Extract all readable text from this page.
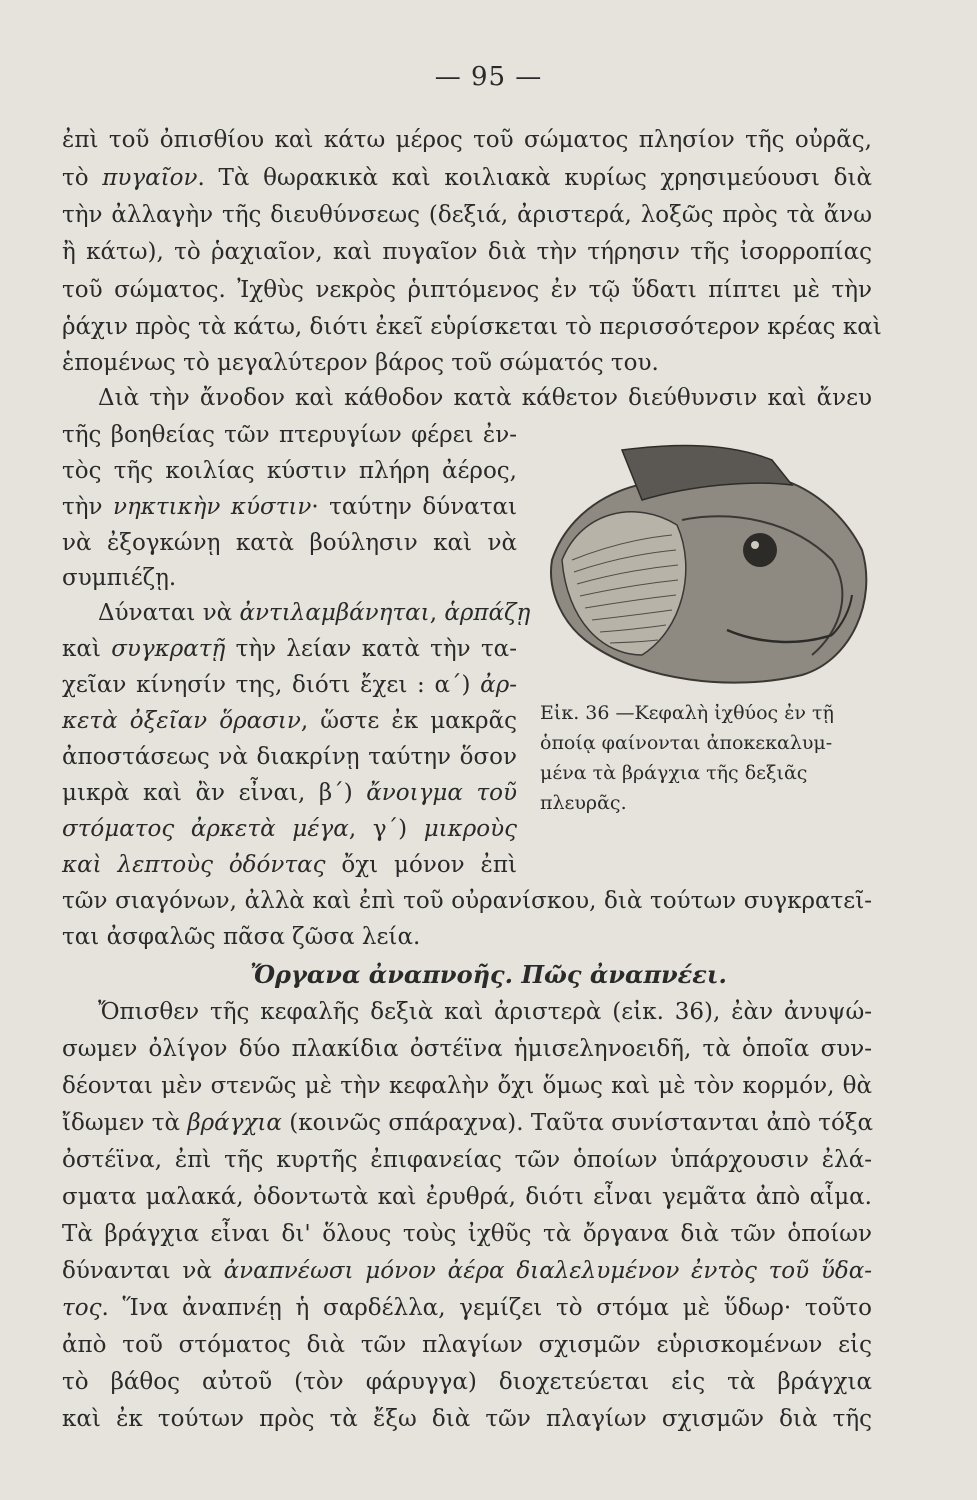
— 95 —
ἐπὶ τοῦ ὀπισθίου καὶ κάτω μέρος τοῦ σώματος πλησίον τῆς οὐρᾶς,
τὸ πυγαῖον. Τὰ θωρακικὰ καὶ κοιλιακὰ κυρίως χρησιμεύουσι διὰ
τὴν ἀλλαγὴν τῆς διευθύνσεως (δεξιά, ἀριστερά, λοξῶς πρὸς τὰ ἄνω
ἢ κάτω), τὸ ῥαχιαῖον, καὶ πυγαῖον διὰ τὴν τήρησιν τῆς ἰσορροπίας
τοῦ σώματος. Ἰχθὺς νεκρὸς ῥιπτόμενος ἐν τῷ ὕδατι πίπτει μὲ τὴν
ῥάχιν πρὸς τὰ κάτω, διότι ἐκεῖ εὑρίσκεται τὸ περισσότερον κρέας καὶ
ἑπομένως τὸ μεγαλύτερον βάρος τοῦ σώματός του.
Διὰ τὴν ἄνοδον καὶ κάθοδον κατὰ κάθετον διεύθυνσιν καὶ ἄνευ
τῆς βοηθείας τῶν πτερυγίων φέρει ἐν-
τὸς τῆς κοιλίας κύστιν πλήρη ἀέρος,
τὴν νηκτικὴν κύστιν· ταύτην δύναται
νὰ ἐξογκώνῃ κατὰ βούλησιν καὶ νὰ
συμπιέζῃ.
Δύναται νὰ ἀντιλαμβάνηται, ἁρπάζῃ
καὶ συγκρατῇ τὴν λείαν κατὰ τὴν τα-
χεῖαν κίνησίν της, διότι ἔχει : α΄) ἀρ-
κετὰ ὀξεῖαν ὅρασιν, ὥστε ἐκ μακρᾶς
ἀποστάσεως νὰ διακρίνῃ ταύτην ὅσον
μικρὰ καὶ ἂν εἶναι, β΄) ἄνοιγμα τοῦ
στόματος ἀρκετὰ μέγα, γ΄) μικροὺς
καὶ λεπτοὺς ὀδόντας ὄχι μόνον ἐπὶ
τῶν σιαγόνων, ἀλλὰ καὶ ἐπὶ τοῦ οὐρανίσκου, διὰ τούτων συγκρατεῖ-
ται ἀσφαλῶς πᾶσα ζῶσα λεία.
Ὄργανα ἀναπνοῆς. Πῶς ἀναπνέει.
Ὄπισθεν τῆς κεφαλῆς δεξιὰ καὶ ἀριστερὰ (εἰκ. 36), ἐὰν ἀνυψώ-
σωμεν ὀλίγον δύο πλακίδια ὀστέϊνα ἡμισεληνοειδῆ, τὰ ὁποῖα συν-
δέονται μὲν στενῶς μὲ τὴν κεφαλὴν ὄχι ὅμως καὶ μὲ τὸν κορμόν, θὰ
ἴδωμεν τὰ βράγχια (κοινῶς σπάραχνα). Ταῦτα συνίστανται ἀπὸ τόξα
ὀστέϊνα, ἐπὶ τῆς κυρτῆς ἐπιφανείας τῶν ὁποίων ὑπάρχουσιν ἐλά-
σματα μαλακά, ὀδοντωτὰ καὶ ἐρυθρά, διότι εἶναι γεμᾶτα ἀπὸ αἷμα.
Τὰ βράγχια εἶναι δι' ὅλους τοὺς ἰχθῦς τὰ ὄργανα διὰ τῶν ὁποίων
δύνανται νὰ ἀναπνέωσι μόνον ἀέρα διαλελυμένον ἐντὸς τοῦ ὕδα-
τος. Ἵνα ἀναπνέῃ ἡ σαρδέλλα, γεμίζει τὸ στόμα μὲ ὕδωρ· τοῦτο
ἀπὸ τοῦ στόματος διὰ τῶν πλαγίων σχισμῶν εὑρισκομένων εἰς
τὸ βάθος αὐτοῦ (τὸν φάρυγγα) διοχετεύεται εἰς τὰ βράγχια
καὶ ἐκ τούτων πρὸς τὰ ἔξω διὰ τῶν πλαγίων σχισμῶν διὰ τῆς
Εἰκ. 36 —Κεφαλὴ ἰχθύος ἐν τῇ
ὁποίᾳ φαίνονται ἀποκεκαλυμ-
μένα τὰ βράγχια τῆς δεξιᾶς
πλευρᾶς.
